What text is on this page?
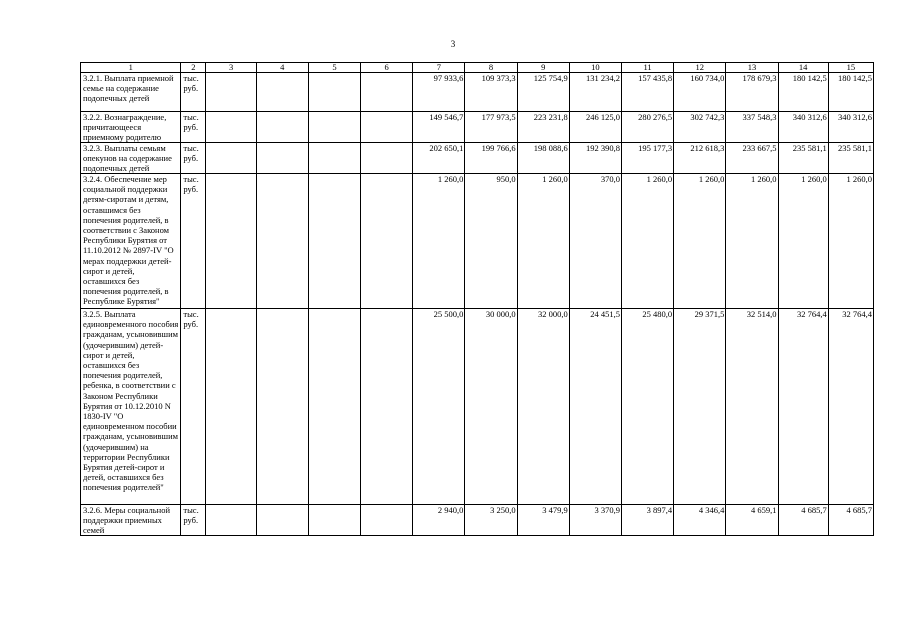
3
1	2	3	4	5	6	7	8	9	10	11	12	13	14	15

3.2.1. Выплата приемной семье на содержание подопечных детей	тыс. руб.					97 933,6	109 373,3	125 754,9	131 234,2	157 435,8	160 734,0	178 679,3	180 142,5	180 142,5

3.2.2. Вознаграждение, причитающееся приемному родителю	тыс. руб.					149 546,7	177 973,5	223 231,8	246 125,0	280 276,5	302 742,3	337 548,3	340 312,6	340 312,6

3.2.3. Выплаты семьям опекунов на содержание подопечных детей	тыс. руб.					202 650,1	199 766,6	198 088,6	192 390,8	195 177,3	212 618,3	233 667,5	235 581,1	235 581,1

3.2.4. Обеспечение мер социальной поддержки детям-сиротам и детям, оставшимся без попечения родителей, в соответствии с Законом Республики Бурятия от 11.10.2012 № 2897-IV "О мерах поддержки детей-сирот и детей, оставшихся без попечения родителей, в Республике Бурятия"	тыс. руб.					1 260,0	950,0	1 260,0	370,0	1 260,0	1 260,0	1 260,0	1 260,0	1 260,0

3.2.5. Выплата единовременного пособия гражданам, усыновившим (удочерившим) детей-сирот и детей, оставшихся без попечения родителей, ребенка, в соответствии с Законом Республики Бурятия от 10.12.2010 N 1830-IV "О единовременном пособии гражданам, усыновившим (удочерившим) на территории Республики Бурятия детей-сирот и детей, оставшихся без попечения родителей"	тыс. руб.					25 500,0	30 000,0	32 000,0	24 451,5	25 480,0	29 371,5	32 514,0	32 764,4	32 764,4

3.2.6. Меры социальной поддержки приемных семей	тыс. руб.					2 940,0	3 250,0	3 479,9	3 370,9	3 897,4	4 346,4	4 659,1	4 685,7	4 685,7
